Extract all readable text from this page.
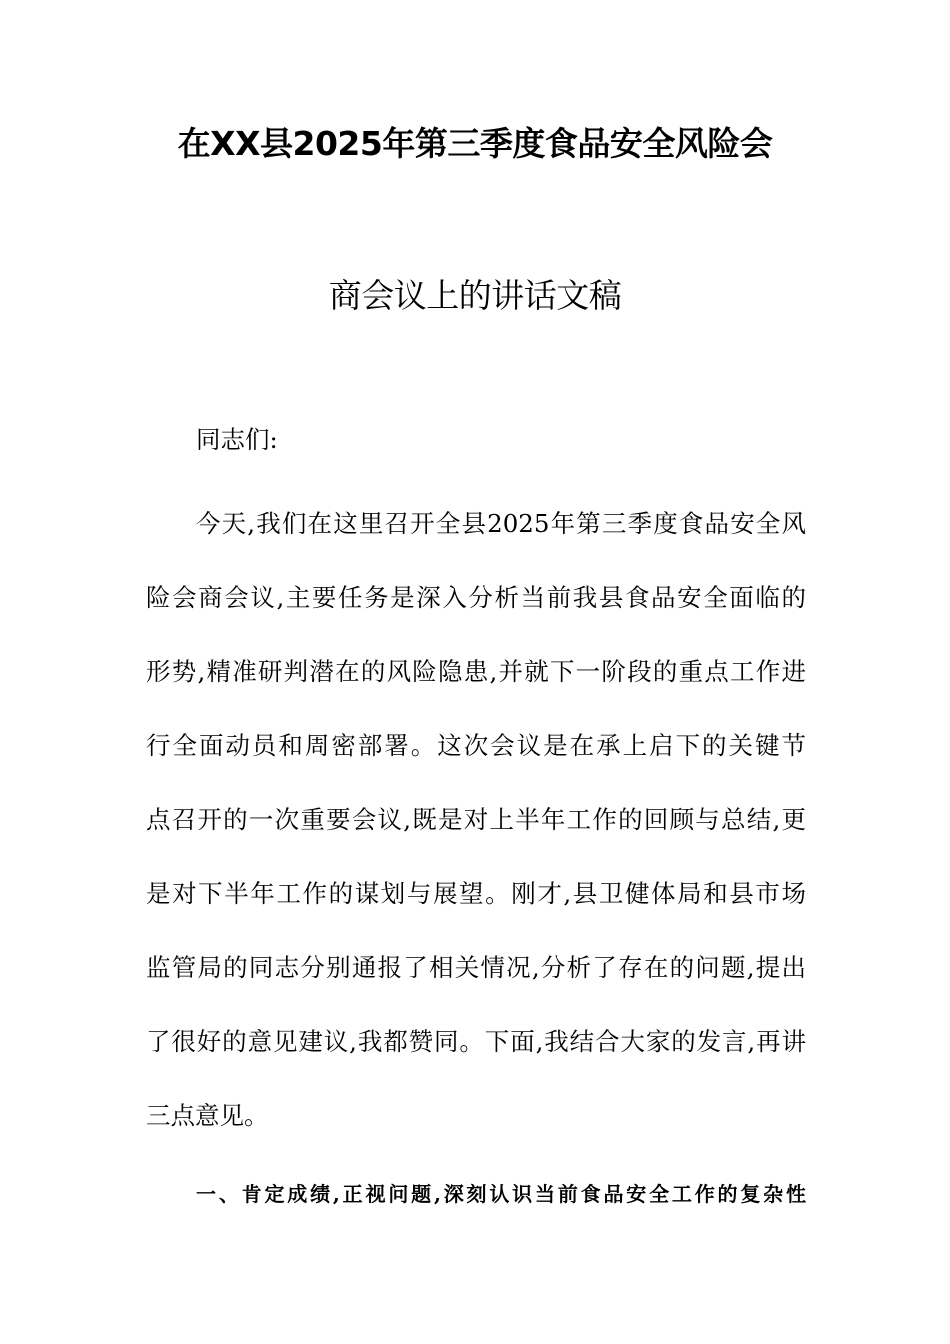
在XX县2025年第三季度食品安全风险会
商会议上的讲话文稿
同志们:
今天,我们在这里召开全县2025年第三季度食品安全风
险会商会议,主要任务是深入分析当前我县食品安全面临的
形势,精准研判潜在的风险隐患,并就下一阶段的重点工作进
行全面动员和周密部署。这次会议是在承上启下的关键节
点召开的一次重要会议,既是对上半年工作的回顾与总结,更
是对下半年工作的谋划与展望。刚才,县卫健体局和县市场
监管局的同志分别通报了相关情况,分析了存在的问题,提出
了很好的意见建议,我都赞同。下面,我结合大家的发言,再讲
三点意见。
一、肯定成绩,正视问题,深刻认识当前食品安全工作的复杂性
